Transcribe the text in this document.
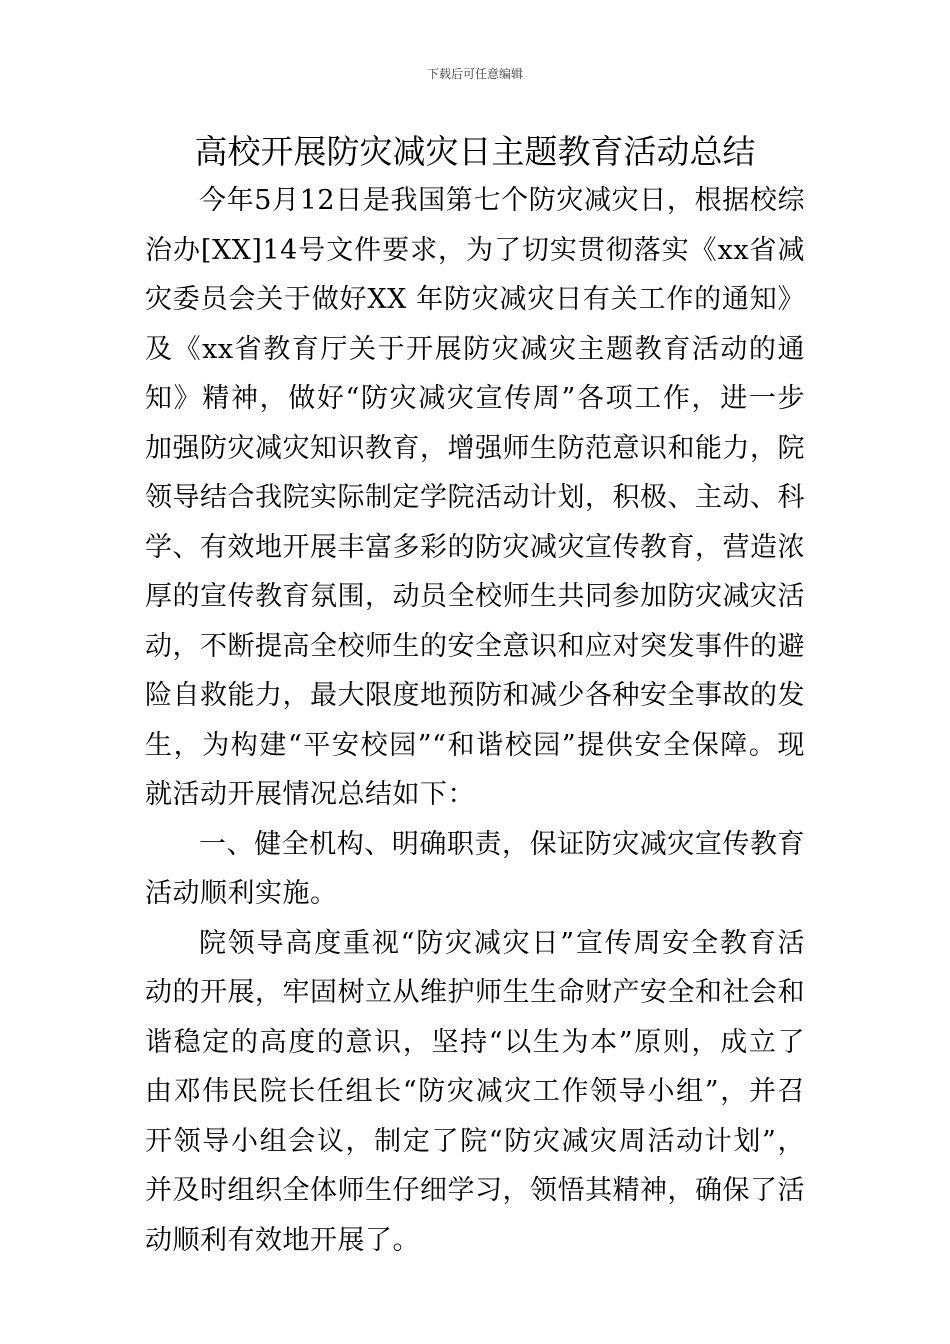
下载后可任意编辑
高校开展防灾减灾日主题教育活动总结

今年5月12日是我国第七个防灾减灾日，根据校综治办[XX]14号文件要求，为了切实贯彻落实《xx省减灾委员会关于做好XX 年防灾减灾日有关工作的通知》及《xx省教育厅关于开展防灾减灾主题教育活动的通知》精神，做好“防灾减灾宣传周”各项工作，进一步加强防灾减灾知识教育，增强师生防范意识和能力，院领导结合我院实际制定学院活动计划，积极、主动、科学、有效地开展丰富多彩的防灾减灾宣传教育，营造浓厚的宣传教育氛围，动员全校师生共同参加防灾减灾活动，不断提高全校师生的安全意识和应对突发事件的避险自救能力，最大限度地预防和减少各种安全事故的发生，为构建“平安校园”“和谐校园”提供安全保障。现就活动开展情况总结如下：

一、健全机构、明确职责，保证防灾减灾宣传教育活动顺利实施。

院领导高度重视“防灾减灾日”宣传周安全教育活动的开展，牢固树立从维护师生生命财产安全和社会和谐稳定的高度的意识，坚持“以生为本”原则，成立了由邓伟民院长任组长“防灾减灾工作领导小组”，并召开领导小组会议，制定了院“防灾减灾周活动计划”，并及时组织全体师生仔细学习，领悟其精神，确保了活动顺利有效地开展了。
